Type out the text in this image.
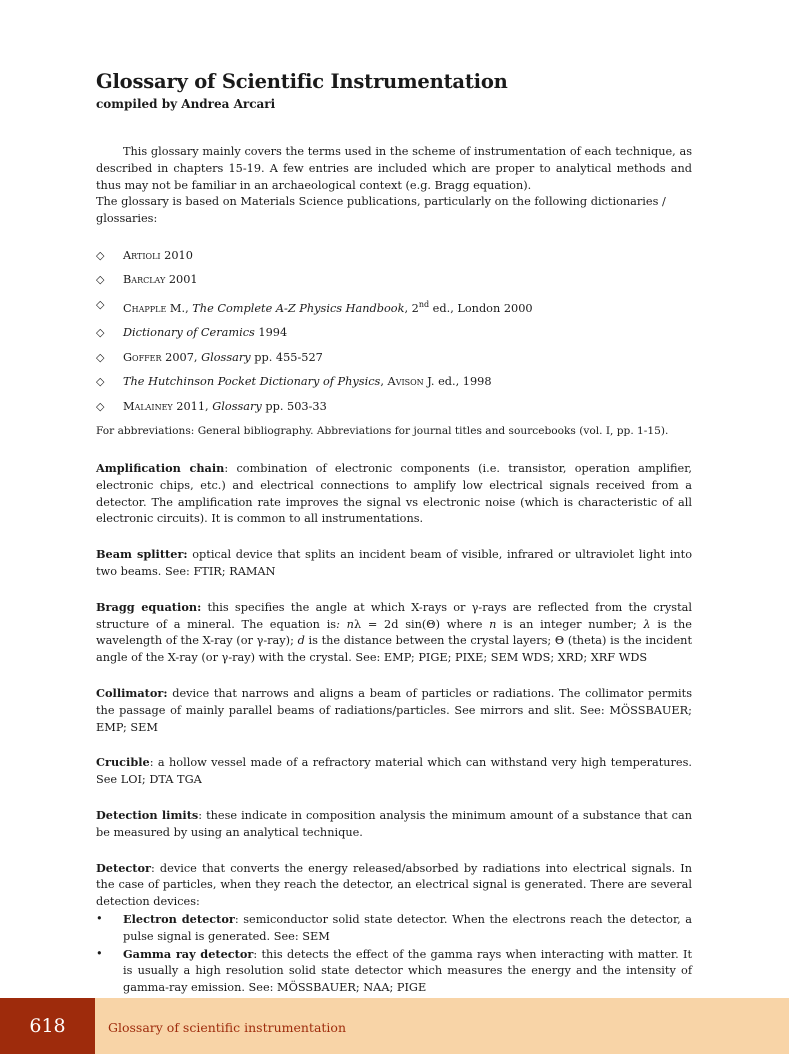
Glossary of Scientific Instrumentation
compiled by Andrea Arcari

This glossary mainly covers the terms used in the scheme of instrumentation of each technique, as described in chapters 15-19. A few entries are included which are proper to analytical methods and thus may not be familiar in an archaeological context (e.g. Bragg equation).

The glossary is based on Materials Science publications, particularly on the following dictionaries / glossaries:

◇ Artioli 2010
◇ Barclay 2001
◇ Chapple M., The Complete A-Z Physics Handbook, 2nd ed., London 2000
◇ Dictionary of Ceramics 1994
◇ Goffer 2007, Glossary pp. 455-527
◇ The Hutchinson Pocket Dictionary of Physics, Avison J. ed., 1998
◇ Malainey 2011, Glossary pp. 503-33
For abbreviations: General bibliography. Abbreviations for journal titles and sourcebooks (vol. I, pp. 1-15).

Amplification chain: combination of electronic components (i.e. transistor, operation amplifier, electronic chips, etc.) and electrical connections to amplify low electrical signals received from a detector. The amplification rate improves the signal vs electronic noise (which is characteristic of all electronic circuits). It is common to all instrumentations.

Beam splitter: optical device that splits an incident beam of visible, infrared or ultraviolet light into two beams. See: FTIR; RAMAN

Bragg equation: this specifies the angle at which X-rays or γ-rays are reflected from the crystal structure of a mineral. The equation is: nλ = 2d sin(Θ) where n is an integer number; λ is the wavelength of the X-ray (or γ-ray); d is the distance between the crystal layers; Θ (theta) is the incident angle of the X-ray (or γ-ray) with the crystal. See: EMP; PIGE; PIXE; SEM WDS; XRD; XRF WDS

Collimator: device that narrows and aligns a beam of particles or radiations. The collimator permits the passage of mainly parallel beams of radiations/particles. See mirrors and slit. See: MÖSSBAUER; EMP; SEM

Crucible: a hollow vessel made of a refractory material which can withstand very high temperatures. See LOI; DTA TGA

Detection limits: these indicate in composition analysis the minimum amount of a substance that can be measured by using an analytical technique.

Detector: device that converts the energy released/absorbed by radiations into electrical signals. In the case of particles, when they reach the detector, an electrical signal is generated. There are several detection devices:

• Electron detector: semiconductor solid state detector. When the electrons reach the detector, a pulse signal is generated. See: SEM
• Gamma ray detector: this detects the effect of the gamma rays when interacting with matter. It is usually a high resolution solid state detector which measures the energy and the intensity of gamma-ray emission. See: MÖSSBAUER; NAA; PIGE
618	Glossary of scientific instrumentation
